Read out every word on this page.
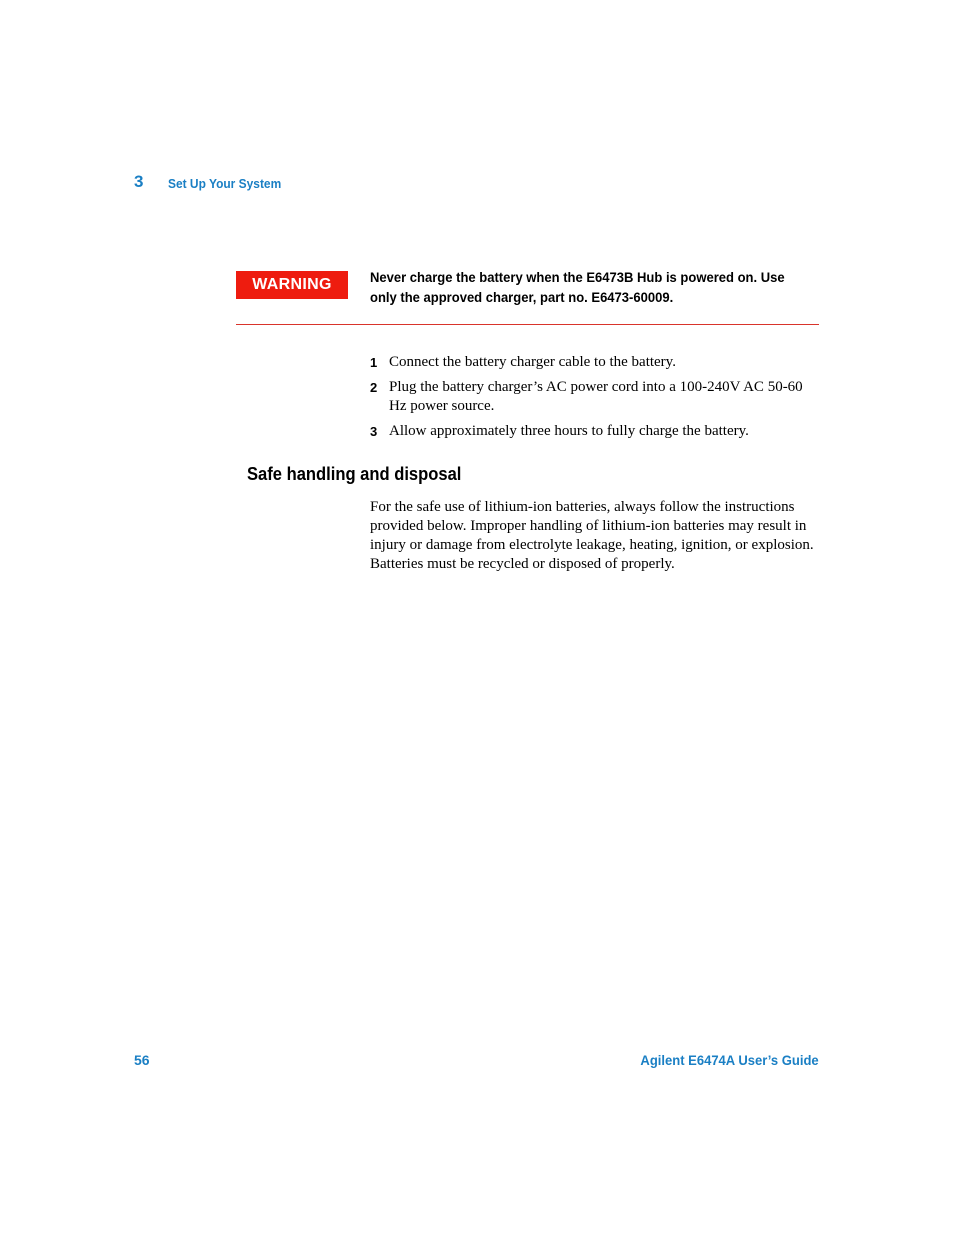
3 Set Up Your System
WARNING	Never charge the battery when the E6473B Hub is powered on. Use only the approved charger, part no. E6473-60009.
1 Connect the battery charger cable to the battery.
2 Plug the battery charger’s AC power cord into a 100-240V AC 50-60 Hz power source.
3 Allow approximately three hours to fully charge the battery.
Safe handling and disposal

For the safe use of lithium-ion batteries, always follow the instructions provided below. Improper handling of lithium-ion batteries may result in injury or damage from electrolyte leakage, heating, ignition, or explosion. Batteries must be recycled or disposed of properly.

56	Agilent E6474A User’s Guide
